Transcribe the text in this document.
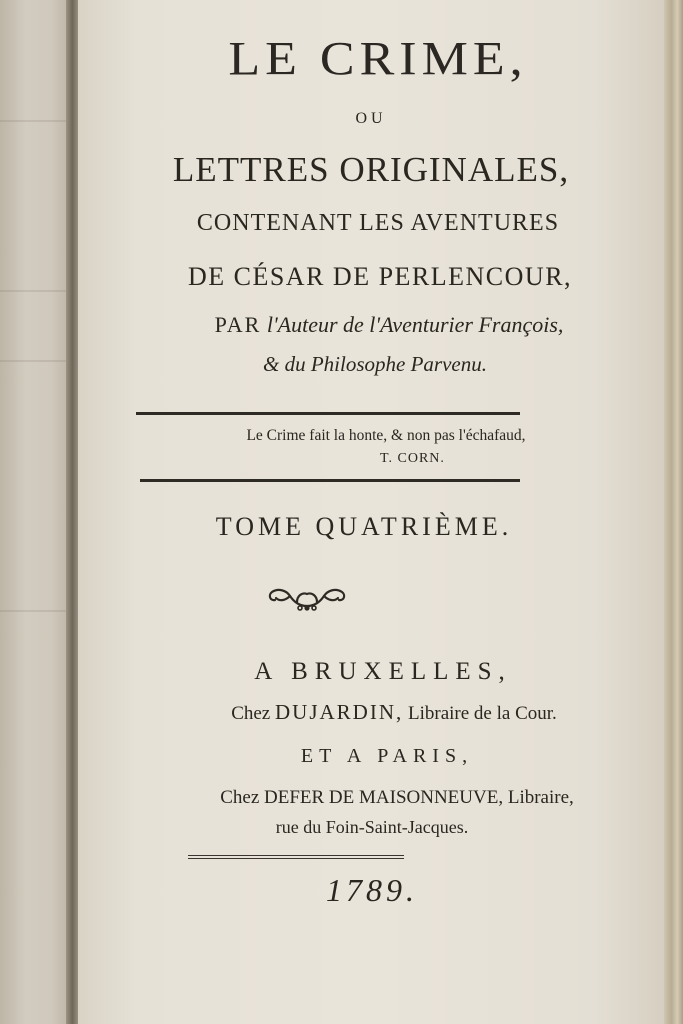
LE CRIME,
OU
LETTRES ORIGINALES,
CONTENANT LES AVENTURES
DE CÉSAR DE PERLENCOUR,
PAR l'Auteur de l'Aventurier François,
& du Philosophe Parvenu.
Le Crime fait la honte, & non pas l'échafaud,
T. CORN.
TOME QUATRIÈME.
A BRUXELLES,
Chez DUJARDIN, Libraire de la Cour.
ET A PARIS,
Chez DEFER DE MAISONNEUVE, Libraire,
rue du Foin-Saint-Jacques.
1789.
